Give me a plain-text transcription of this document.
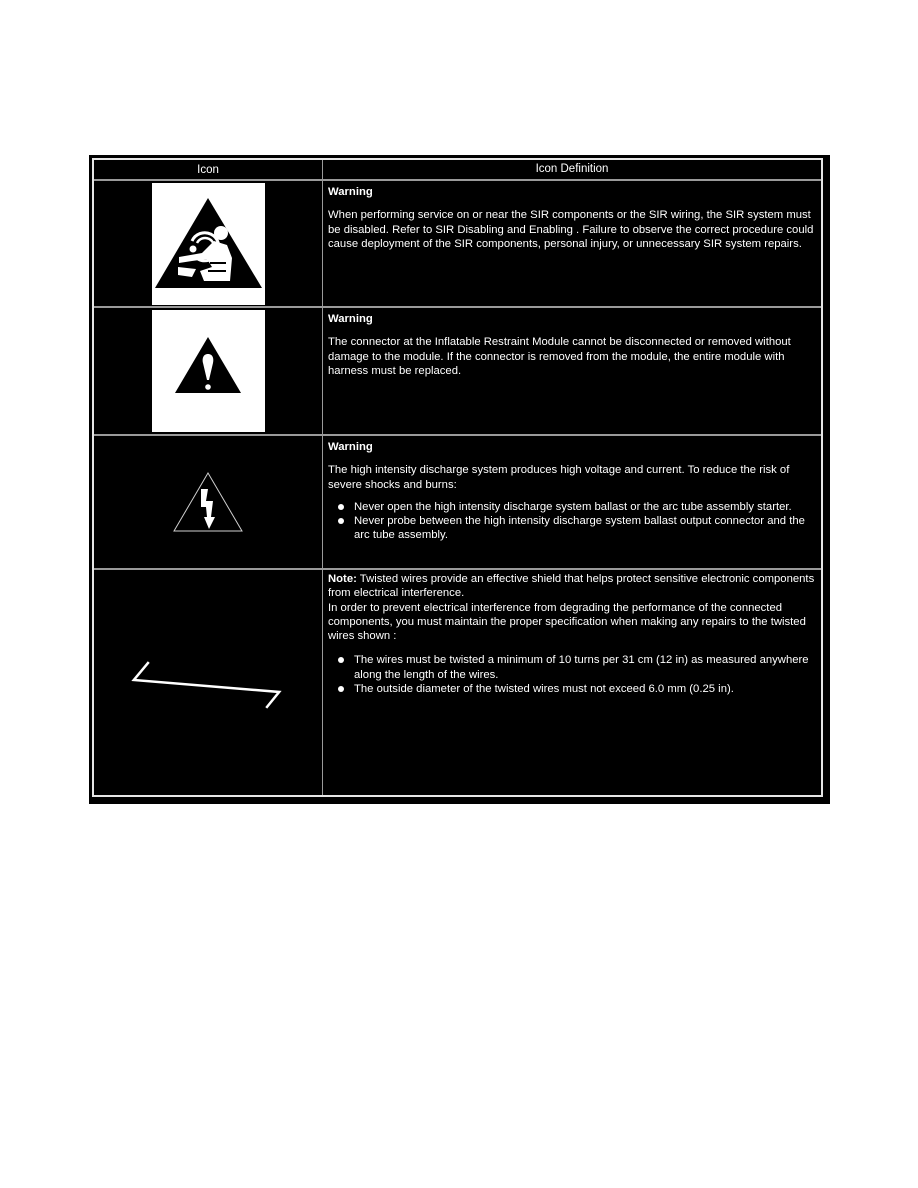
Icon	Icon Definition
Warning

When performing service on or near the SIR components or the SIR wiring, the SIR system must be disabled. Refer to SIR Disabling and Enabling . Failure to observe the correct procedure could cause deployment of the SIR components, personal injury, or unnecessary SIR system repairs.

Warning

The connector at the Inflatable Restraint Module cannot be disconnected or removed without damage to the module. If the connector is removed from the module, the entire module with harness must be replaced.

Warning

The high intensity discharge system produces high voltage and current. To reduce the risk of severe shocks and burns:

Never open the high intensity discharge system ballast or the arc tube assembly starter.
Never probe between the high intensity discharge system ballast output connector and the arc tube assembly.

Note: Twisted wires provide an effective shield that helps protect sensitive electronic components from electrical interference.

In order to prevent electrical interference from degrading the performance of the connected components, you must maintain the proper specification when making any repairs to the twisted wires shown :

The wires must be twisted a minimum of 10 turns per 31 cm (12 in) as measured anywhere along the length of the wires.
The outside diameter of the twisted wires must not exceed 6.0 mm (0.25 in).
